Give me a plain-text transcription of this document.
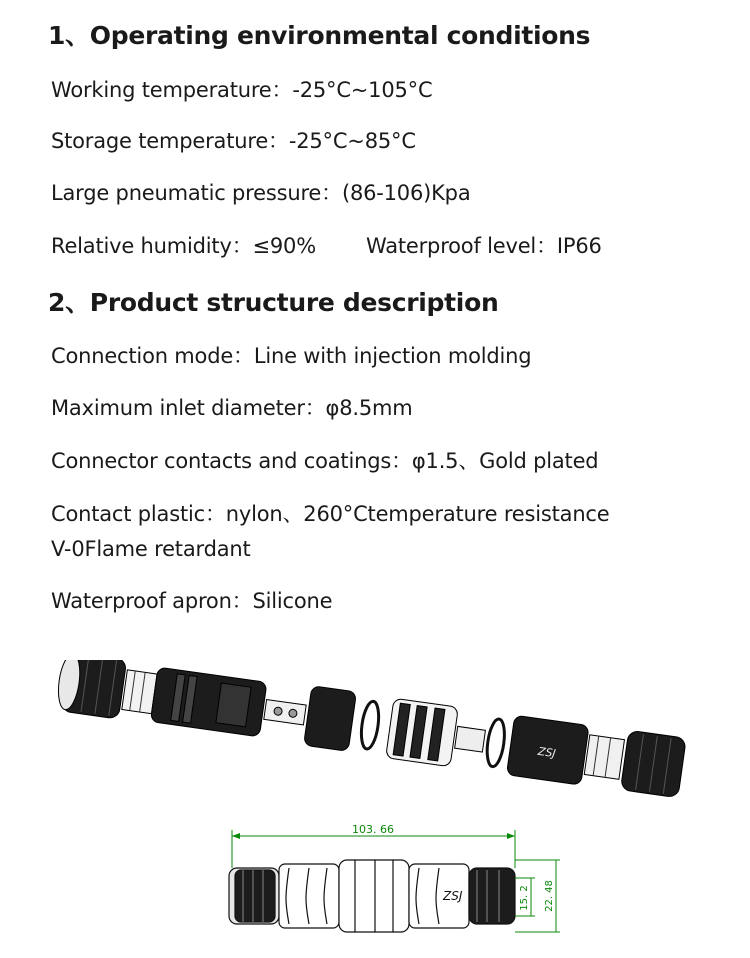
1、Operating environmental conditions
Working temperature：-25°C~105°C
Storage temperature：-25°C~85°C
Large pneumatic pressure：(86-106)Kpa
Relative humidity：≤90% Waterproof level：IP66
2、Product structure description
Connection mode：Line with injection molding
Maximum inlet diameter：φ8.5mm
Connector contacts and coatings：φ1.5、Gold plated
Contact plastic：nylon、260°Ctemperature resistance
V-0Flame retardant
Waterproof apron：Silicone
ZSJ
103. 66
ZSJ	15. 2 22. 48
